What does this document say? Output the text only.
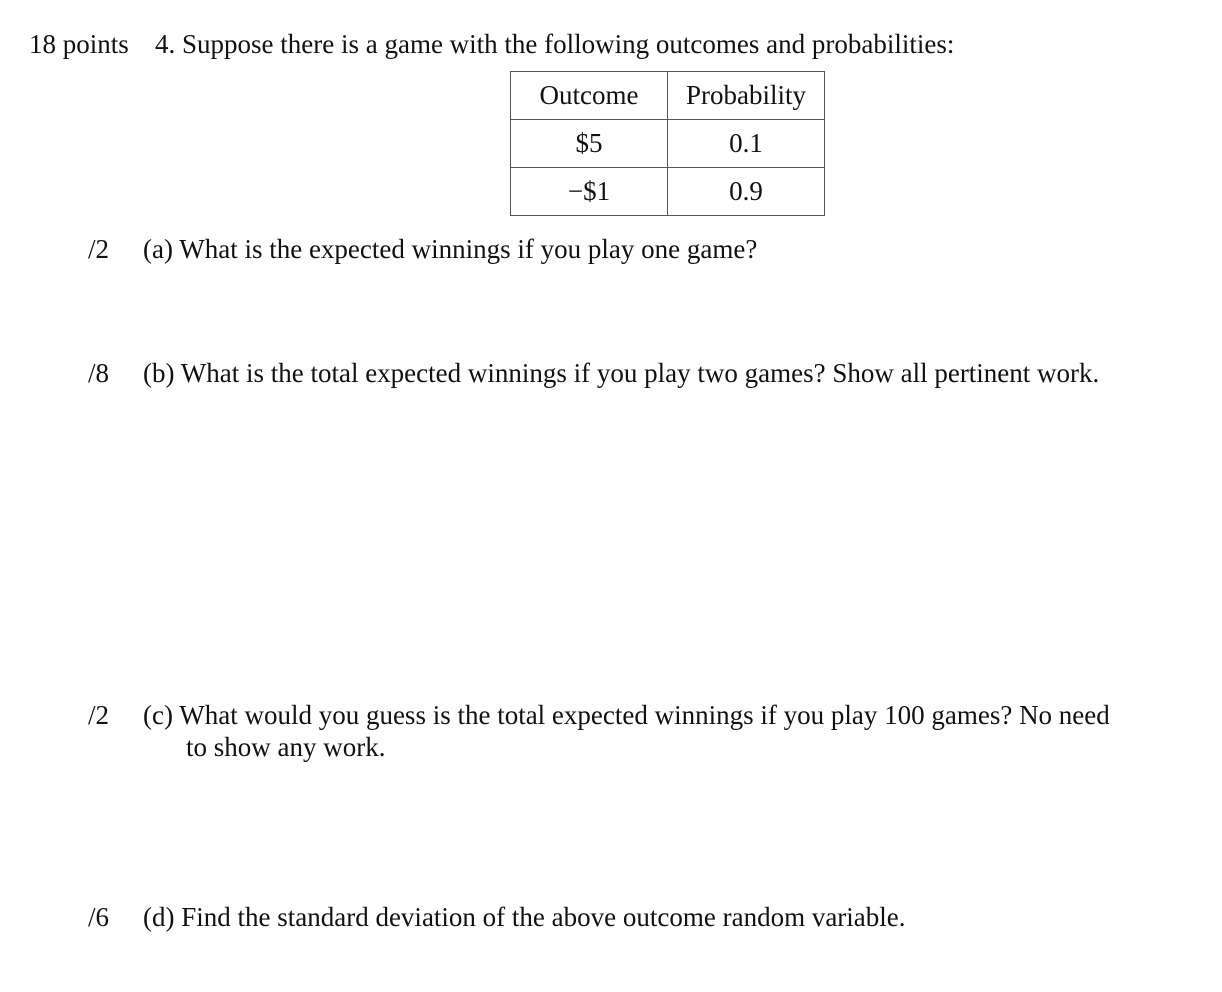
18 points 4. Suppose there is a game with the following outcomes and probabilities:
Outcome	Probability
$5	0.1
−$1	0.9
/2 (a) What is the expected winnings if you play one game?
/8 (b) What is the total expected winnings if you play two games? Show all pertinent work.
/2 (c) What would you guess is the total expected winnings if you play 100 games? No need
to show any work.
/6 (d) Find the standard deviation of the above outcome random variable.
